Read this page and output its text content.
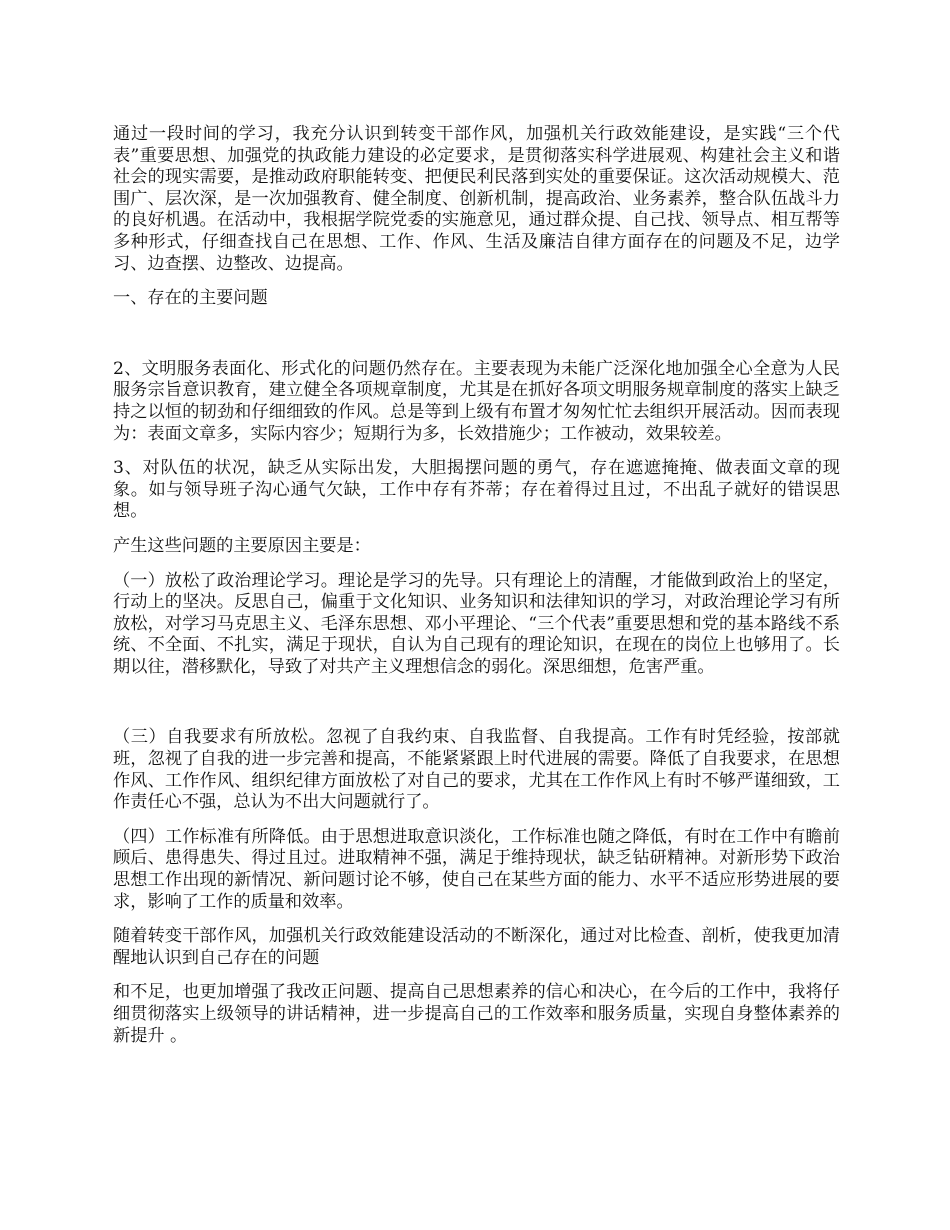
通过一段时间的学习，我充分认识到转变干部作风，加强机关行政效能建设，是实践“三个代表”重要思想、加强党的执政能力建设的必定要求，是贯彻落实科学进展观、构建社会主义和谐社会的现实需要，是推动政府职能转变、把便民利民落到实处的重要保证。这次活动规模大、范围广、层次深，是一次加强教育、健全制度、创新机制，提高政治、业务素养，整合队伍战斗力的良好机遇。在活动中，我根据学院党委的实施意见，通过群众提、自己找、领导点、相互帮等多种形式，仔细查找自己在思想、工作、作风、生活及廉洁自律方面存在的问题及不足，边学习、边查摆、边整改、边提高。

一、存在的主要问题

2、文明服务表面化、形式化的问题仍然存在。主要表现为未能广泛深化地加强全心全意为人民服务宗旨意识教育，建立健全各项规章制度，尤其是在抓好各项文明服务规章制度的落实上缺乏持之以恒的韧劲和仔细细致的作风。总是等到上级有布置才匆匆忙忙去组织开展活动。因而表现为：表面文章多，实际内容少；短期行为多，长效措施少；工作被动，效果较差。

3、对队伍的状况，缺乏从实际出发，大胆揭摆问题的勇气，存在遮遮掩掩、做表面文章的现象。如与领导班子沟心通气欠缺，工作中存有芥蒂；存在着得过且过，不出乱子就好的错误思想。

产生这些问题的主要原因主要是：

（一）放松了政治理论学习。理论是学习的先导。只有理论上的清醒，才能做到政治上的坚定，行动上的坚决。反思自己，偏重于文化知识、业务知识和法律知识的学习，对政治理论学习有所放松，对学习马克思主义、毛泽东思想、邓小平理论、“三个代表”重要思想和党的基本路线不系统、不全面、不扎实，满足于现状，自认为自己现有的理论知识，在现在的岗位上也够用了。长期以往，潜移默化，导致了对共产主义理想信念的弱化。深思细想，危害严重。

（三）自我要求有所放松。忽视了自我约束、自我监督、自我提高。工作有时凭经验，按部就班，忽视了自我的进一步完善和提高，不能紧紧跟上时代进展的需要。降低了自我要求，在思想作风、工作作风、组织纪律方面放松了对自己的要求，尤其在工作作风上有时不够严谨细致，工作责任心不强，总认为不出大问题就行了。

（四）工作标准有所降低。由于思想进取意识淡化，工作标准也随之降低，有时在工作中有瞻前顾后、患得患失、得过且过。进取精神不强，满足于维持现状，缺乏钻研精神。对新形势下政治思想工作出现的新情况、新问题讨论不够，使自己在某些方面的能力、水平不适应形势进展的要求，影响了工作的质量和效率。

随着转变干部作风，加强机关行政效能建设活动的不断深化，通过对比检查、剖析，使我更加清醒地认识到自己存在的问题

和不足，也更加增强了我改正问题、提高自己思想素养的信心和决心，在今后的工作中，我将仔细贯彻落实上级领导的讲话精神，进一步提高自己的工作效率和服务质量，实现自身整体素养的新提升 。
